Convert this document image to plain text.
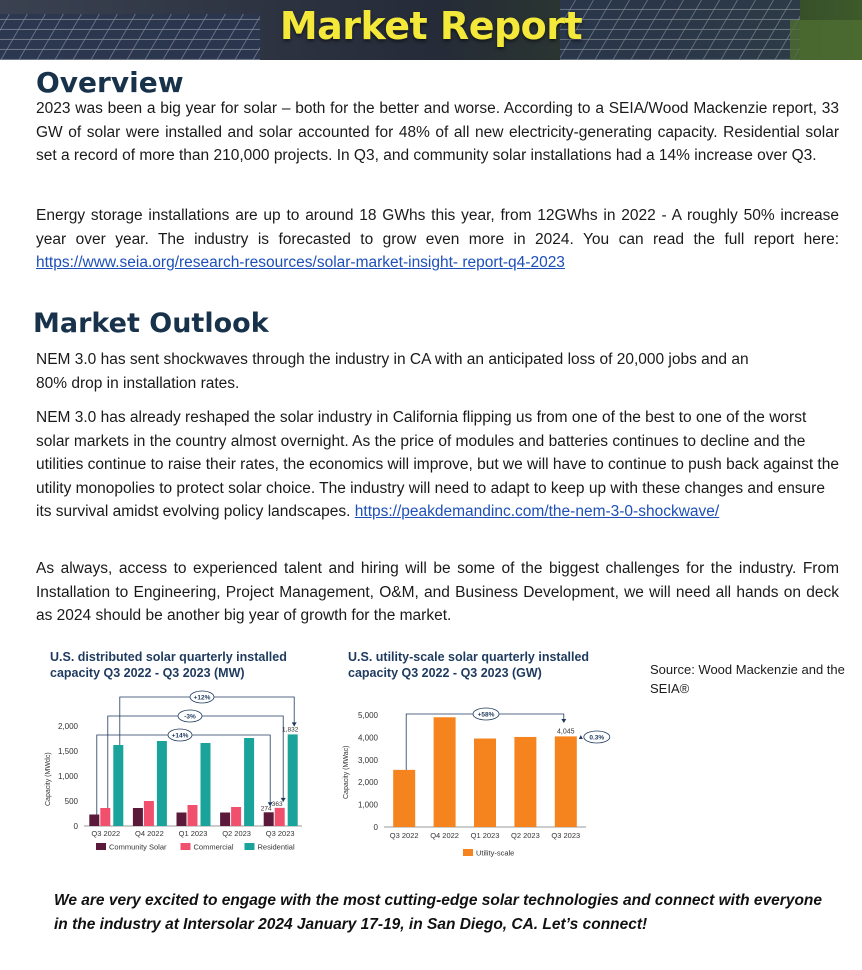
Market Report
Overview

2023 was been a big year for solar – both for the better and worse. According to a SEIA/Wood Mackenzie report, 33 GW of solar were installed and solar accounted for 48% of all new electricity-generating capacity. Residential solar set a record of more than 210,000 projects. In Q3, and community solar installations had a 14% increase over Q3.

Energy storage installations are up to around 18 GWhs this year, from 12GWhs in 2022 - A roughly 50% increase year over year. The industry is forecasted to grow even more in 2024. You can read the full report here: https://www.seia.org/research-resources/solar-market-insight- report-q4-2023

Market Outlook

NEM 3.0 has sent shockwaves through the industry in CA with an anticipated loss of 20,000 jobs and an 80% drop in installation rates.

NEM 3.0 has already reshaped the solar industry in California flipping us from one of the best to one of the worst solar markets in the country almost overnight. As the price of modules and batteries continues to decline and the utilities continue to raise their rates, the economics will improve, but we will have to continue to push back against the utility monopolies to protect solar choice. The industry will need to adapt to keep up with these changes and ensure its survival amidst evolving policy landscapes. https://peakdemandinc.com/the-nem-3-0-shockwave/

As always, access to experienced talent and hiring will be some of the biggest challenges for the industry. From Installation to Engineering, Project Management, O&M, and Business Development, we will need all hands on deck as 2024 should be another big year of growth for the market.

U.S. distributed solar quarterly installed capacity Q3 2022 - Q3 2023 (MW)
0
500
1,000
1,500
2,000
Capacity (MWdc)
Q3 2022 Q4 2022 Q1 2023 Q2 2023 Q3 2023
274
363
1,832
+12%
-3%
+14%
Community Solar	Commercial	Residential
U.S. utility-scale solar quarterly installed capacity Q3 2022 - Q3 2023 (GW)
0
1,000
2,000
3,000
4,000
5,000
Capacity (MWac)
Q3 2022 Q4 2022 Q1 2023 Q2 2023 Q3 2023
4,045
+58%
0.3%
Utility-scale
Source: Wood Mackenzie and the SEIA®
We are very excited to engage with the most cutting-edge solar technologies and connect with everyone in the industry at Intersolar 2024 January 17-19, in San Diego, CA. Let’s connect!
